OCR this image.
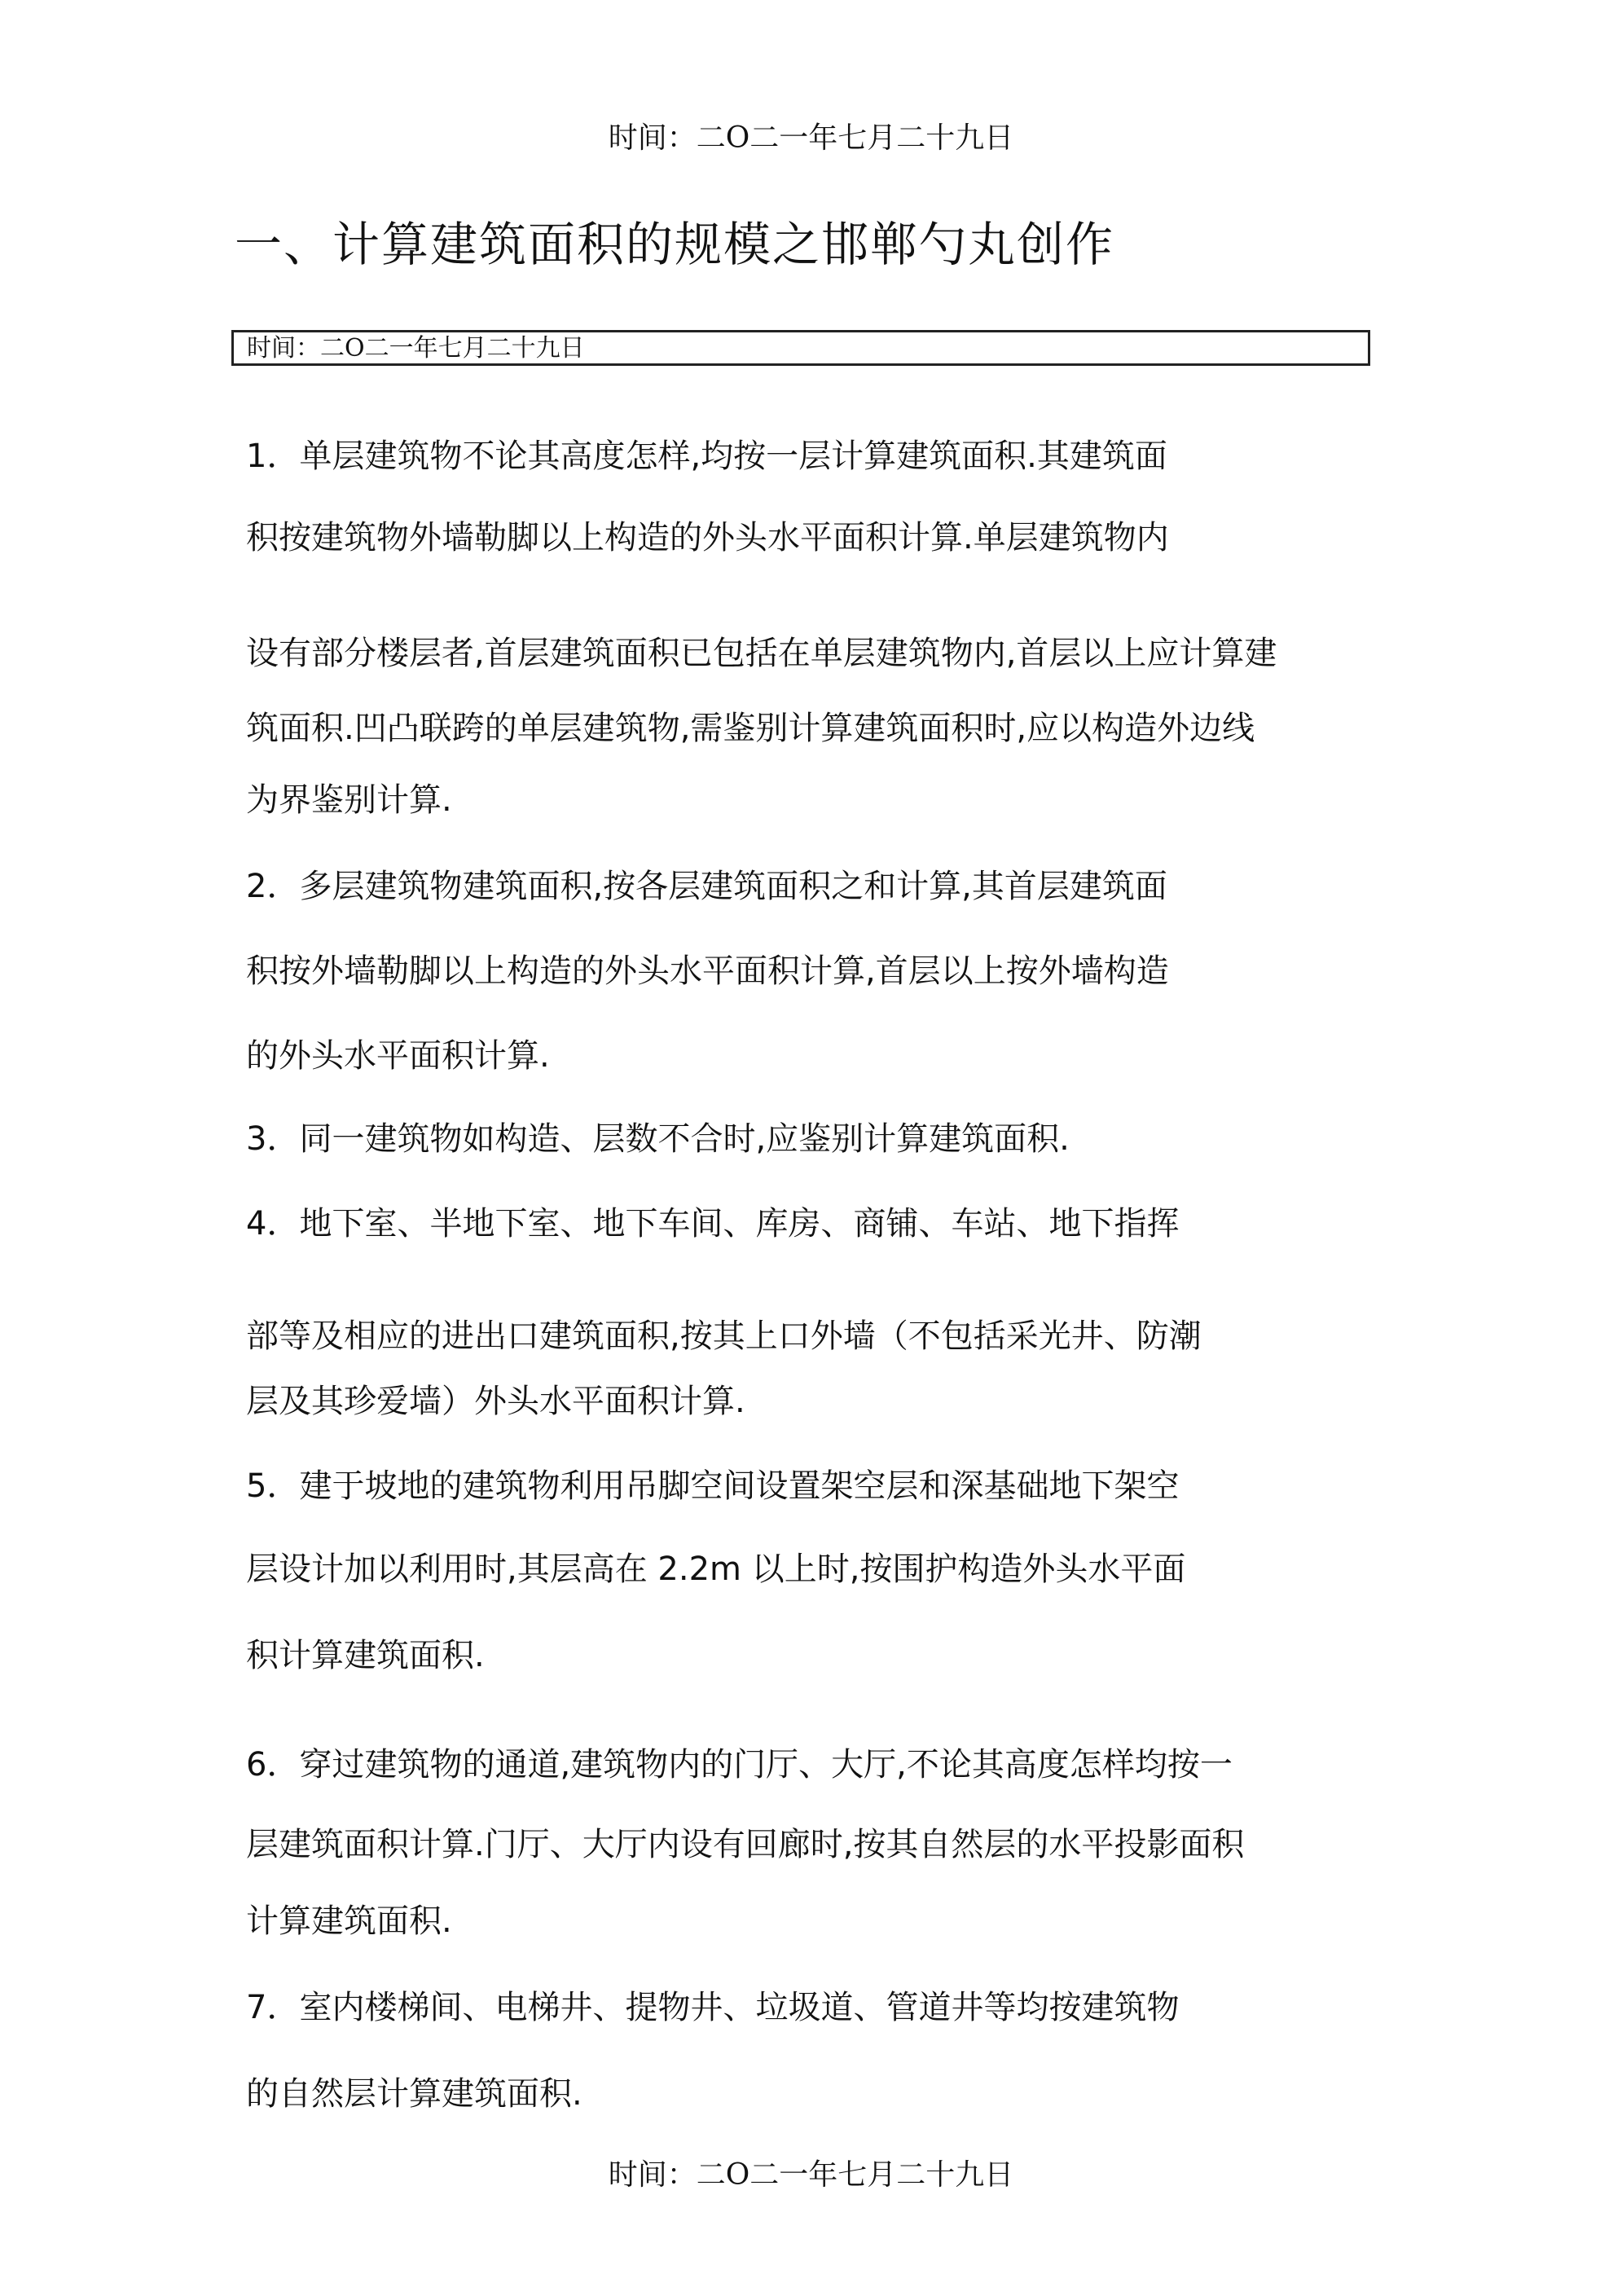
时间：二O二一年七月二十九日
一、计算建筑面积的规模之邯郸勺丸创作
时间：二O二一年七月二十九日
1．单层建筑物不论其高度怎样,均按一层计算建筑面积.其建筑面
积按建筑物外墙勒脚以上构造的外头水平面积计算.单层建筑物内
设有部分楼层者,首层建筑面积已包括在单层建筑物内,首层以上应计算建
筑面积.凹凸联跨的单层建筑物,需鉴别计算建筑面积时,应以构造外边线
为界鉴别计算.
2．多层建筑物建筑面积,按各层建筑面积之和计算,其首层建筑面
积按外墙勒脚以上构造的外头水平面积计算,首层以上按外墙构造
的外头水平面积计算.
3．同一建筑物如构造、层数不合时,应鉴别计算建筑面积.
4．地下室、半地下室、地下车间、库房、商铺、车站、地下指挥
部等及相应的进出口建筑面积,按其上口外墙（不包括采光井、防潮
层及其珍爱墙）外头水平面积计算.
5．建于坡地的建筑物利用吊脚空间设置架空层和深基础地下架空
层设计加以利用时,其层高在 2.2m 以上时,按围护构造外头水平面
积计算建筑面积.
6．穿过建筑物的通道,建筑物内的门厅、大厅,不论其高度怎样均按一
层建筑面积计算.门厅、大厅内设有回廊时,按其自然层的水平投影面积
计算建筑面积.
7．室内楼梯间、电梯井、提物井、垃圾道、管道井等均按建筑物
的自然层计算建筑面积.
时间：二O二一年七月二十九日
